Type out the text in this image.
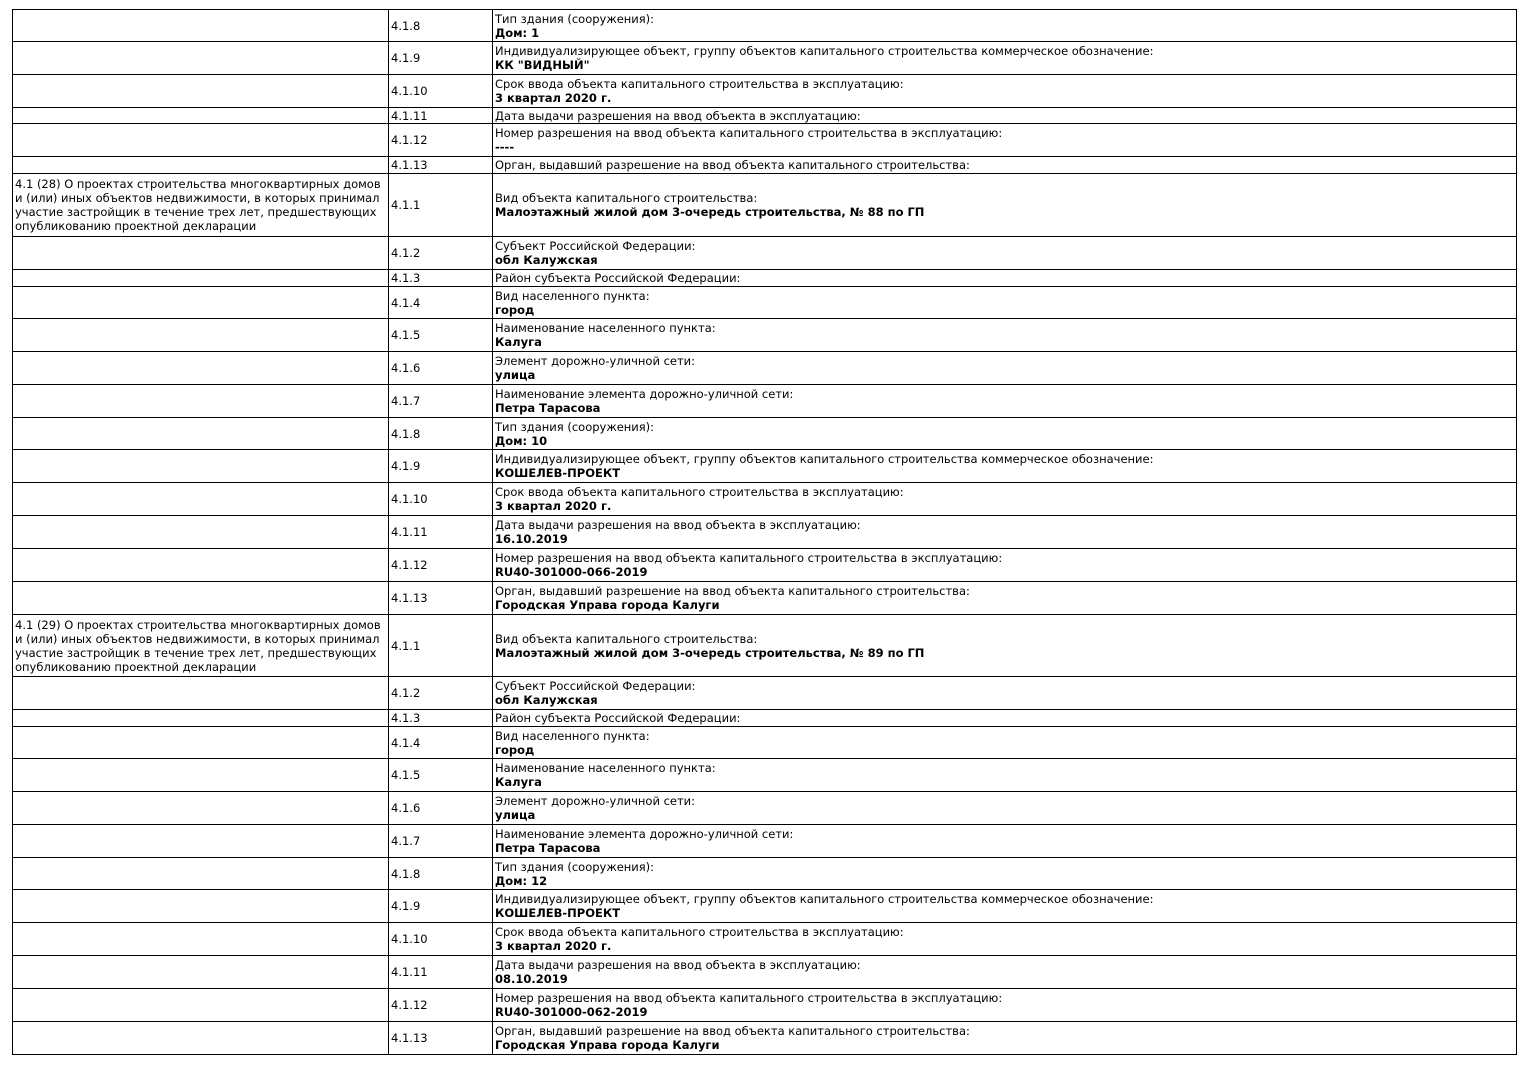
	4.1.8	Тип здания (сооружения):
Дом: 1

	4.1.9	Индивидуализирующее объект, группу объектов капитального строительства коммерческое обозначение:
КК "ВИДНЫЙ"

	4.1.10	Срок ввода объекта капитального строительства в эксплуатацию:
3 квартал 2020 г.

	4.1.11	Дата выдачи разрешения на ввод объекта в эксплуатацию:

	4.1.12	Номер разрешения на ввод объекта капитального строительства в эксплуатацию:
----

	4.1.13	Орган, выдавший разрешение на ввод объекта капитального строительства:

4.1 (28) О проектах строительства многоквартирных домов и (или) иных объектов недвижимости, в которых принимал участие застройщик в течение трех лет, предшествующих опубликованию проектной декларации	4.1.1	Вид объекта капитального строительства:
Малоэтажный жилой дом 3-очередь строительства, № 88 по ГП

	4.1.2	Субъект Российской Федерации:
обл Калужская

	4.1.3	Район субъекта Российской Федерации:

	4.1.4	Вид населенного пункта:
город

	4.1.5	Наименование населенного пункта:
Калуга

	4.1.6	Элемент дорожно-уличной сети:
улица

	4.1.7	Наименование элемента дорожно-уличной сети:
Петра Тарасова

	4.1.8	Тип здания (сооружения):
Дом: 10

	4.1.9	Индивидуализирующее объект, группу объектов капитального строительства коммерческое обозначение:
КОШЕЛЕВ-ПРОЕКТ

	4.1.10	Срок ввода объекта капитального строительства в эксплуатацию:
3 квартал 2020 г.

	4.1.11	Дата выдачи разрешения на ввод объекта в эксплуатацию:
16.10.2019

	4.1.12	Номер разрешения на ввод объекта капитального строительства в эксплуатацию:
RU40-301000-066-2019

	4.1.13	Орган, выдавший разрешение на ввод объекта капитального строительства:
Городская Управа города Калуги

4.1 (29) О проектах строительства многоквартирных домов и (или) иных объектов недвижимости, в которых принимал участие застройщик в течение трех лет, предшествующих опубликованию проектной декларации	4.1.1	Вид объекта капитального строительства:
Малоэтажный жилой дом 3-очередь строительства, № 89 по ГП

	4.1.2	Субъект Российской Федерации:
обл Калужская

	4.1.3	Район субъекта Российской Федерации:

	4.1.4	Вид населенного пункта:
город

	4.1.5	Наименование населенного пункта:
Калуга

	4.1.6	Элемент дорожно-уличной сети:
улица

	4.1.7	Наименование элемента дорожно-уличной сети:
Петра Тарасова

	4.1.8	Тип здания (сооружения):
Дом: 12

	4.1.9	Индивидуализирующее объект, группу объектов капитального строительства коммерческое обозначение:
КОШЕЛЕВ-ПРОЕКТ

	4.1.10	Срок ввода объекта капитального строительства в эксплуатацию:
3 квартал 2020 г.

	4.1.11	Дата выдачи разрешения на ввод объекта в эксплуатацию:
08.10.2019

	4.1.12	Номер разрешения на ввод объекта капитального строительства в эксплуатацию:
RU40-301000-062-2019

	4.1.13	Орган, выдавший разрешение на ввод объекта капитального строительства:
Городская Управа города Калуги
